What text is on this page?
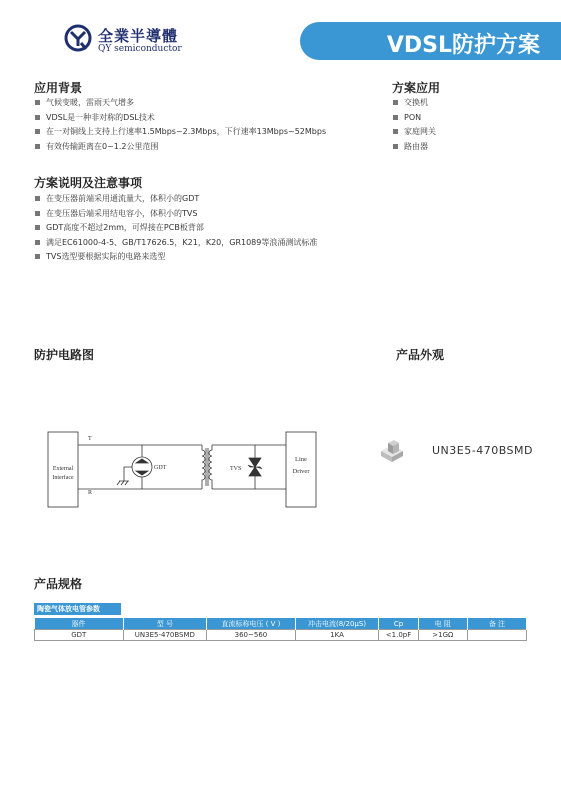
全業半導體
QY semiconductor	VDSL防护方案
应用背景
气候变暖，雷雨天气增多
VDSL是一种非对称的DSL技术
在一对铜线上支持上行速率1.5Mbps~2.3Mbps，下行速率13Mbps~52Mbps
有效传输距离在0~1.2公里范围
方案应用
交换机
PON
家庭网关
路由器
方案说明及注意事项
在变压器前端采用通流量大，体积小的GDT
在变压器后端采用结电容小，体积小的TVS
GDT高度不超过2mm，可焊接在PCB板背部
满足EC61000-4-5、GB/T17626.5，K21，K20，GR1089等浪涌测试标准
TVS选型要根据实际的电路来选型
防护电路图	产品外观
External
Interface
T
R
GDT	TVS
Line
Driver
UN3E5-470BSMD
产品规格
陶瓷气体放电管参数
器件	型 号	直流标称电压 ( V )	冲击电流(8/20μS)	Cp	电 阻	备 注
GDT	UN3E5-470BSMD	360~560	1KA	<1.0pF	>1GΩ	
